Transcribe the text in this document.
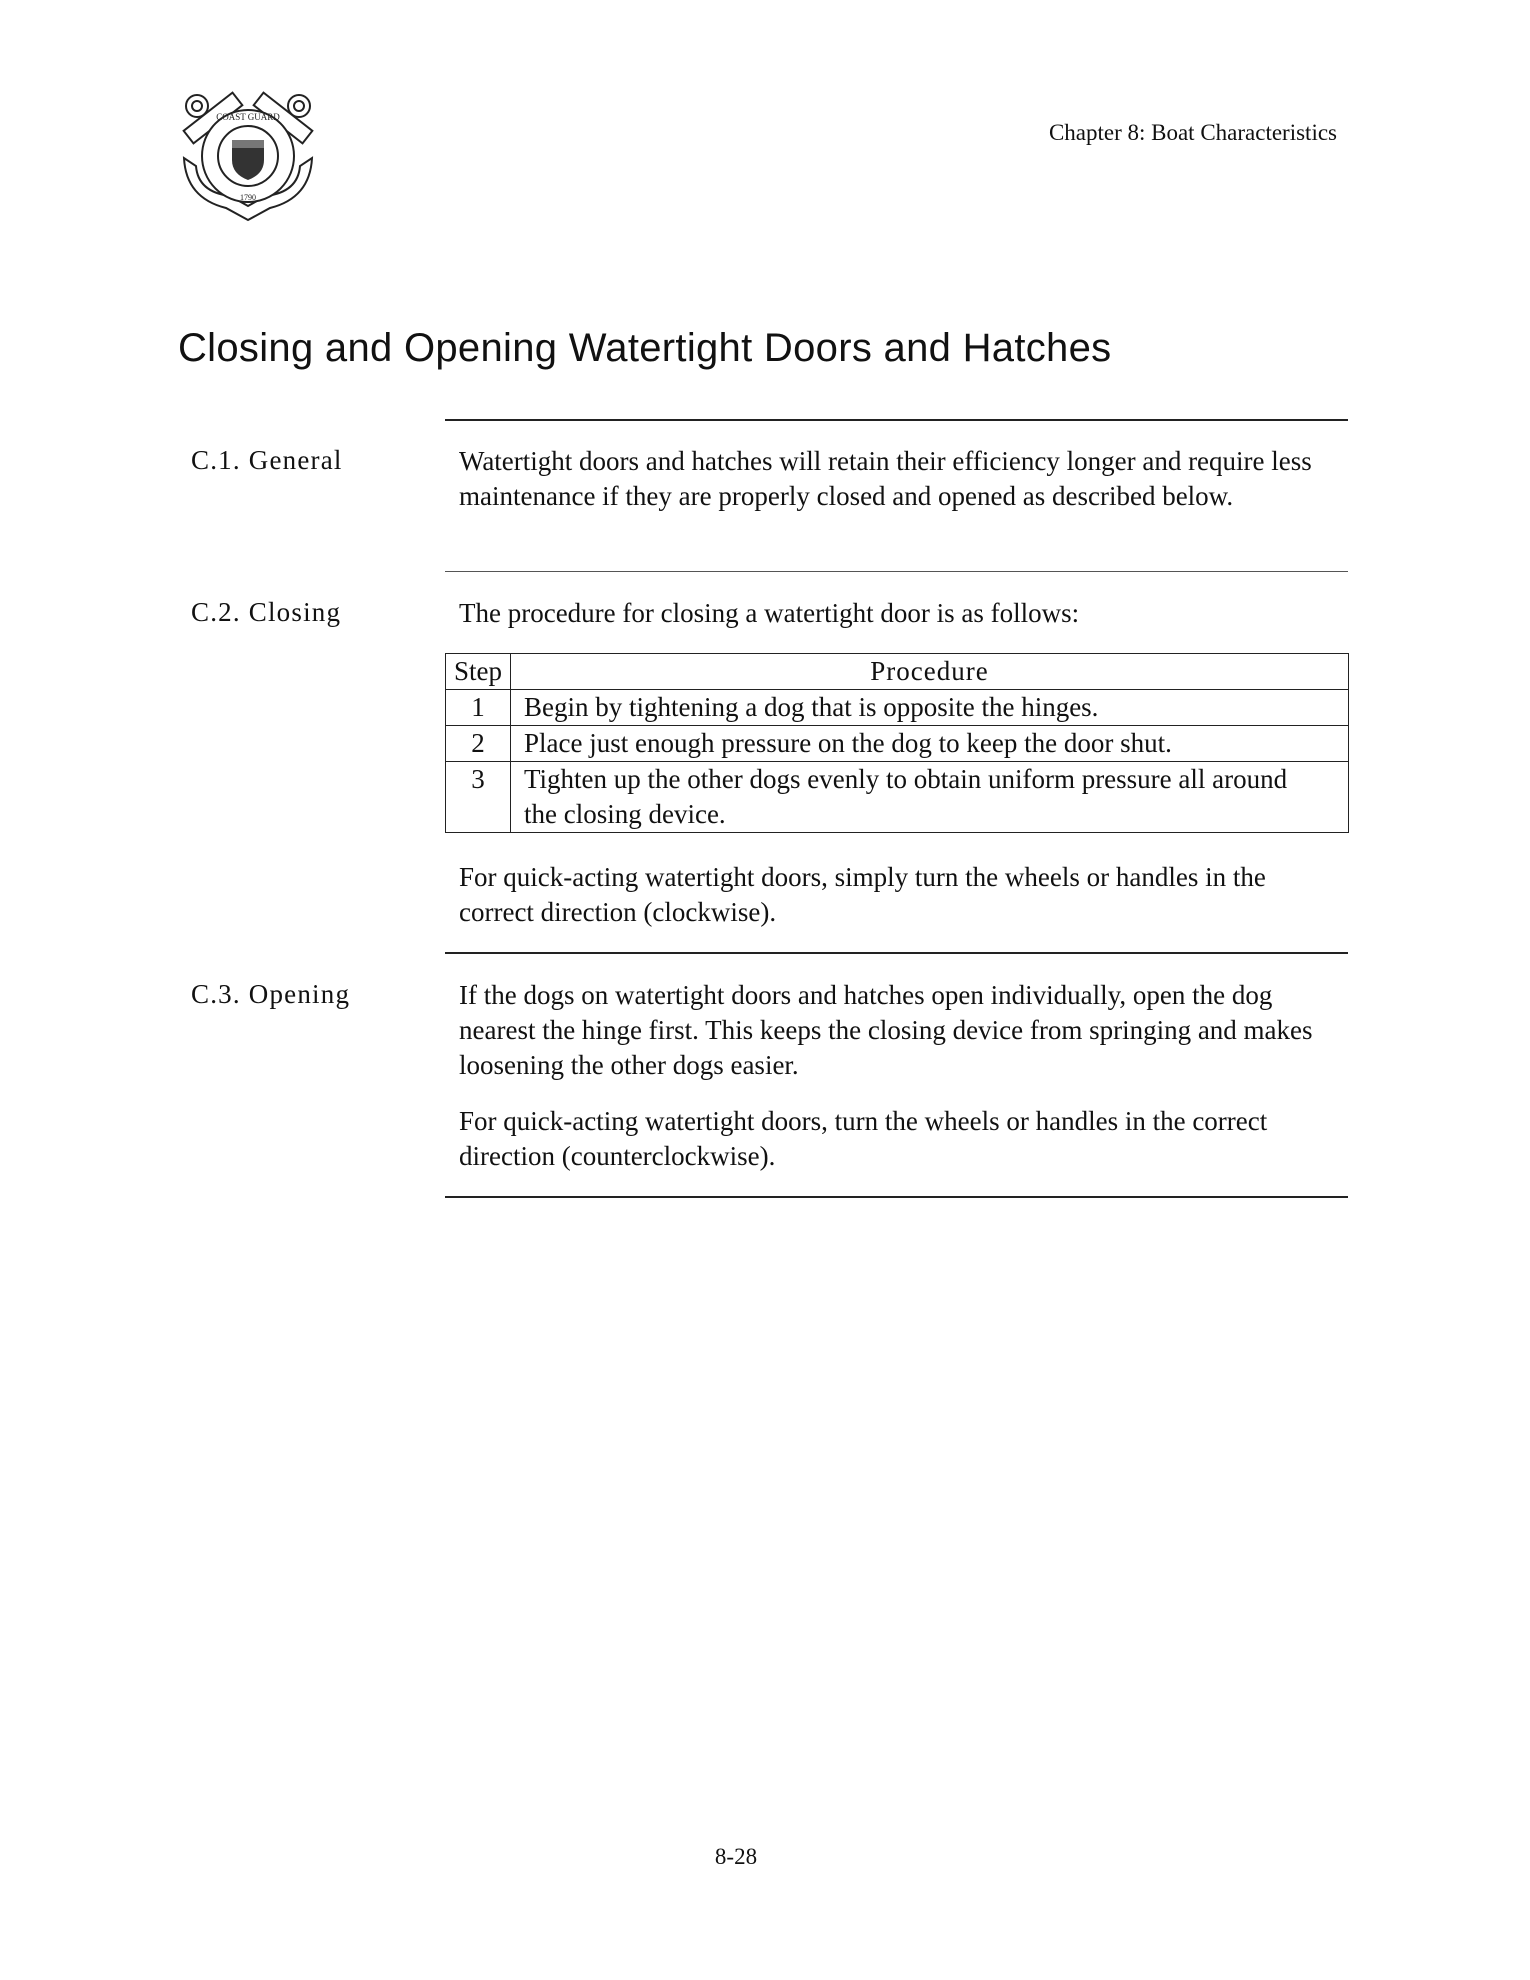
COAST GUARD
1790
Chapter 8: Boat Characteristics
Closing and Opening Watertight Doors and Hatches
C.1. General	Watertight doors and hatches will retain their efficiency longer and require less maintenance if they are properly closed and opened as described below.

C.2. Closing	The procedure for closing a watertight door is as follows:

Step	Procedure
1	Begin by tightening a dog that is opposite the hinges.
2	Place just enough pressure on the dog to keep the door shut.
3	Tighten up the other dogs evenly to obtain uniform pressure all around the closing device.

For quick-acting watertight doors, simply turn the wheels or handles in the correct direction (clockwise).

C.3. Opening	If the dogs on watertight doors and hatches open individually, open the dog nearest the hinge first. This keeps the closing device from springing and makes loosening the other dogs easier.

For quick-acting watertight doors, turn the wheels or handles in the correct direction (counterclockwise).

8-28
